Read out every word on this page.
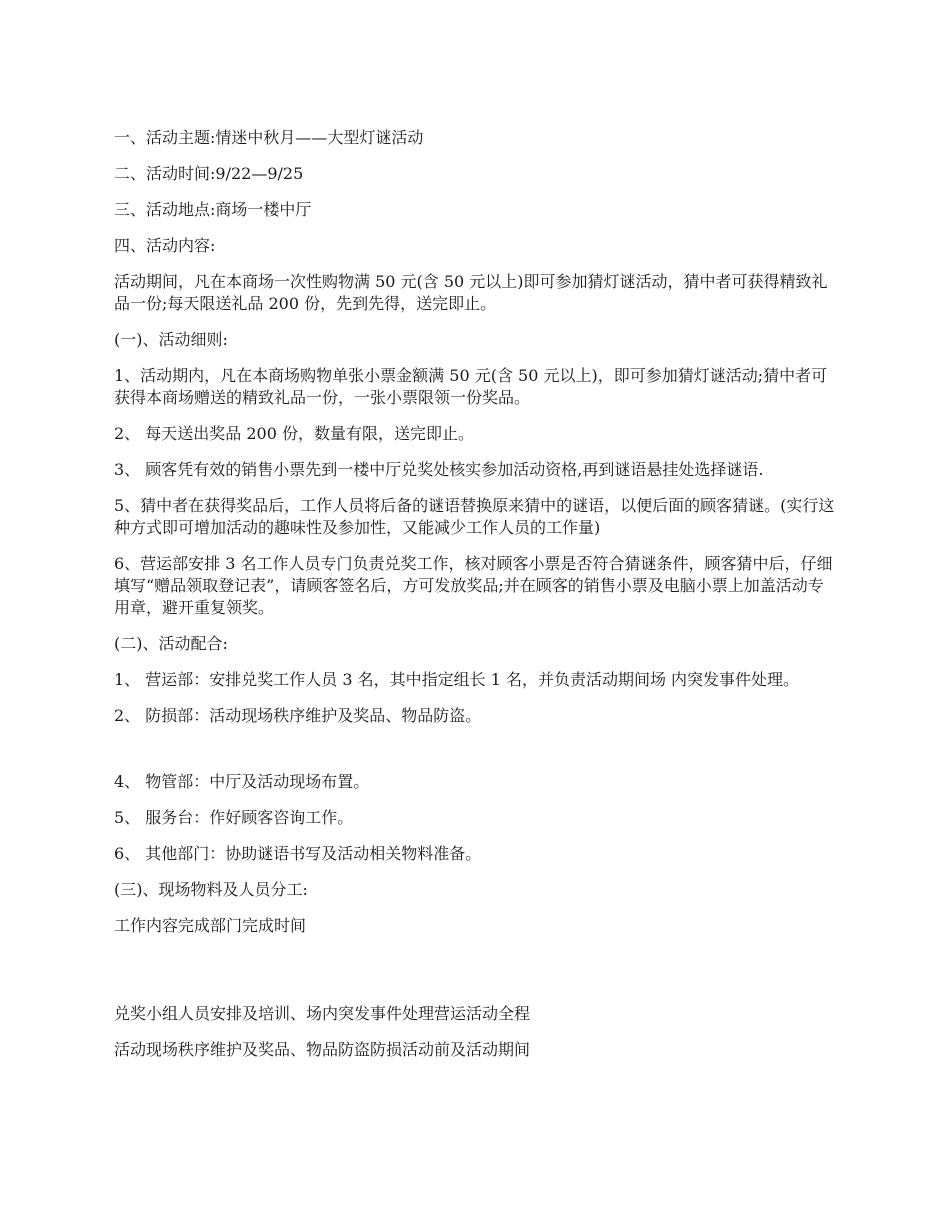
一、活动主题:情迷中秋月——大型灯谜活动

二、活动时间:9/22—9/25

三、活动地点:商场一楼中厅

四、活动内容:

活动期间，凡在本商场一次性购物满 50 元(含 50 元以上)即可参加猜灯谜活动，猜中者可获得精致礼品一份;每天限送礼品 200 份，先到先得，送完即止。

(一)、活动细则:

1、活动期内，凡在本商场购物单张小票金额满 50 元(含 50 元以上)，即可参加猜灯谜活动;猜中者可获得本商场赠送的精致礼品一份，一张小票限领一份奖品。

2、 每天送出奖品 200 份，数量有限，送完即止。

3、 顾客凭有效的销售小票先到一楼中厅兑奖处核实参加活动资格,再到谜语悬挂处选择谜语.

5、猜中者在获得奖品后，工作人员将后备的谜语替换原来猜中的谜语，以便后面的顾客猜谜。(实行这种方式即可增加活动的趣味性及参加性，又能减少工作人员的工作量)

6、营运部安排 3 名工作人员专门负责兑奖工作，核对顾客小票是否符合猜谜条件，顾客猜中后，仔细填写“赠品领取登记表”，请顾客签名后，方可发放奖品;并在顾客的销售小票及电脑小票上加盖活动专用章，避开重复领奖。

(二)、活动配合:

1、 营运部：安排兑奖工作人员 3 名，其中指定组长 1 名，并负责活动期间场 内突发事件处理。

2、 防损部：活动现场秩序维护及奖品、物品防盗。

4、 物管部：中厅及活动现场布置。

5、 服务台：作好顾客咨询工作。

6、 其他部门：协助谜语书写及活动相关物料准备。

(三)、现场物料及人员分工:

工作内容完成部门完成时间

兑奖小组人员安排及培训、场内突发事件处理营运活动全程

活动现场秩序维护及奖品、物品防盗防损活动前及活动期间
